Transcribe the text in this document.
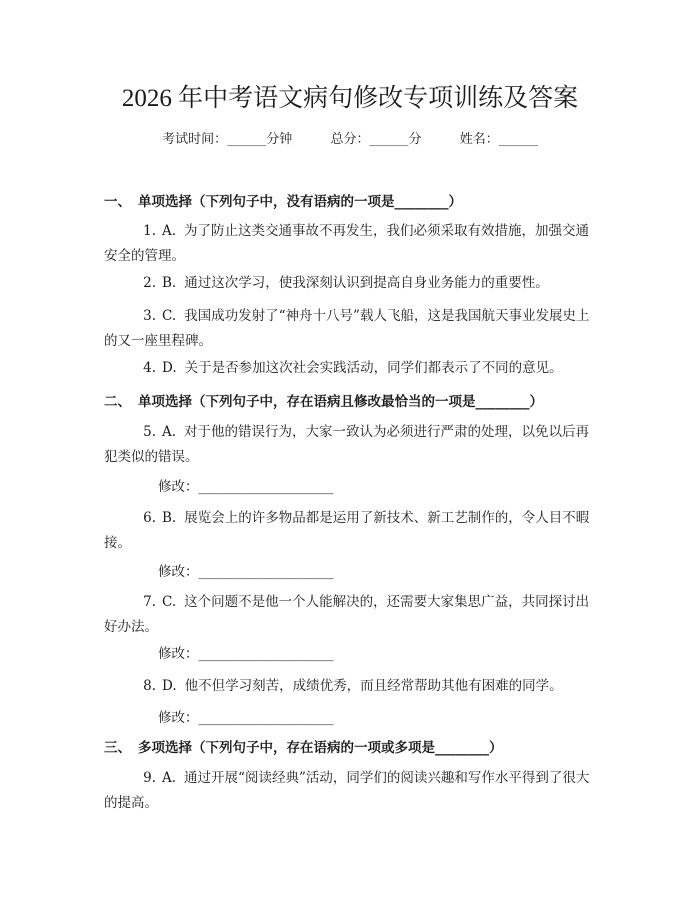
2026 年中考语文病句修改专项训练及答案
考试时间：______分钟	总分：______分	姓名：______
一、 单项选择（下列句子中，没有语病的一项是________）
1. A. 为了防止这类交通事故不再发生，我们必须采取有效措施，加强交通安全的管理。
2. B. 通过这次学习，使我深刻认识到提高自身业务能力的重要性。
3. C. 我国成功发射了“神舟十八号”载人飞船，这是我国航天事业发展史上的又一座里程碑。
4. D. 关于是否参加这次社会实践活动，同学们都表示了不同的意见。
二、 单项选择（下列句子中，存在语病且修改最恰当的一项是________）
5. A. 对于他的错误行为，大家一致认为必须进行严肃的处理，以免以后再犯类似的错误。
修改：____________________
6. B. 展览会上的许多物品都是运用了新技术、新工艺制作的，令人目不暇接。
修改：____________________
7. C. 这个问题不是他一个人能解决的，还需要大家集思广益，共同探讨出好办法。
修改：____________________
8. D. 他不但学习刻苦，成绩优秀，而且经常帮助其他有困难的同学。
修改：____________________
三、 多项选择（下列句子中，存在语病的一项或多项是________）
9. A. 通过开展“阅读经典”活动，同学们的阅读兴趣和写作水平得到了很大的提高。
